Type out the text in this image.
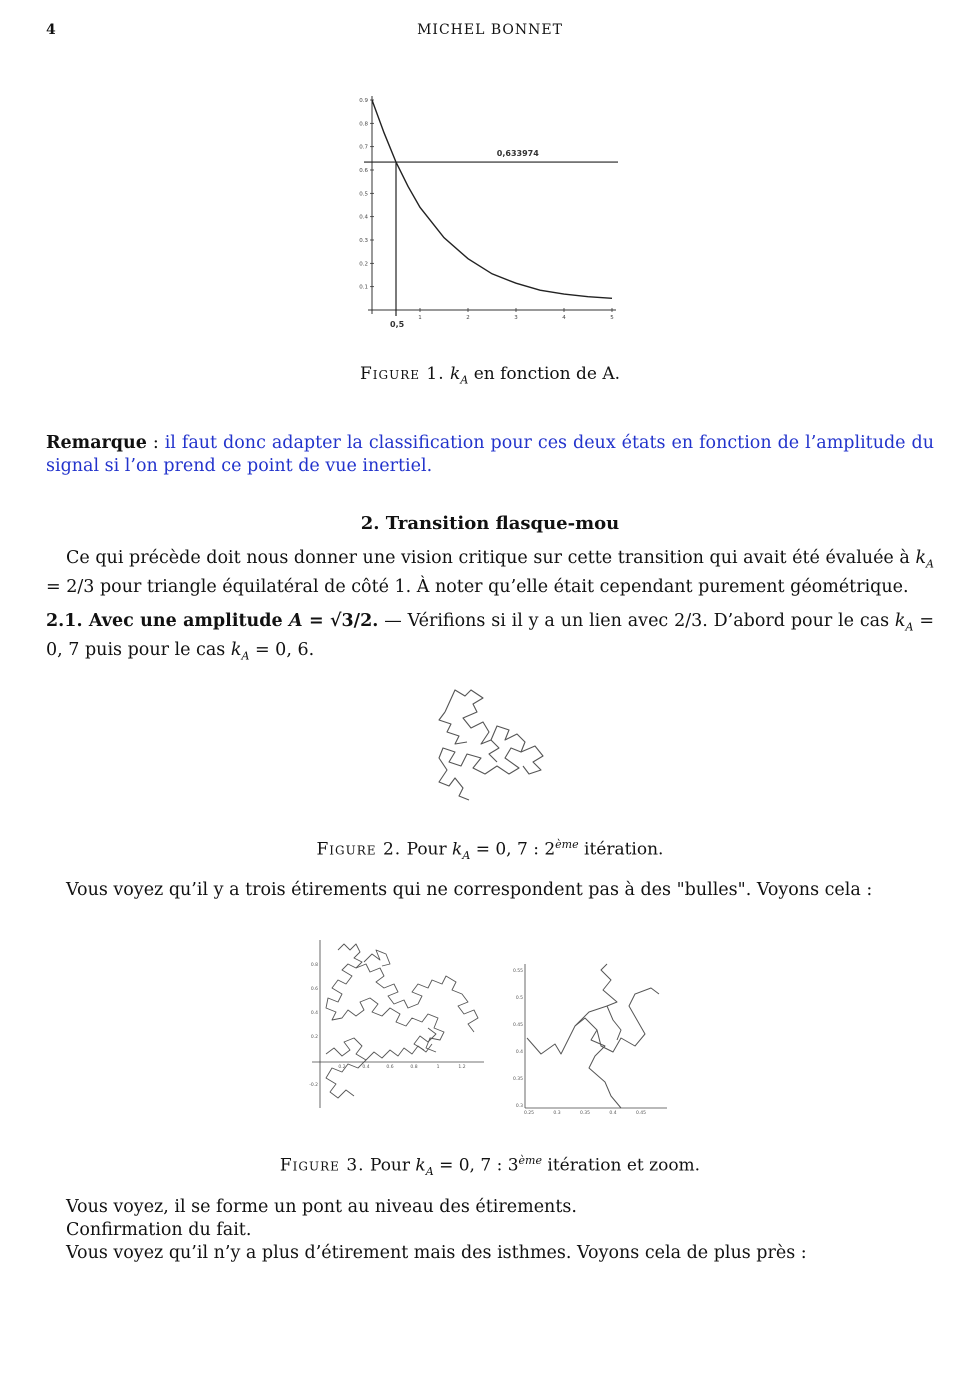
4	MICHEL BONNET
0.1
0.2
0.3
0.4
0.5
0.6
0.7
0.8
0.9
1	2	3	4	5
0,633974
0,5
Figure 1. $k_A$ en fonction de A.
Remarque : il faut donc adapter la classification pour ces deux états en fonction de l’amplitude du signal si l’on prend ce point de vue inertiel.
2. Transition flasque-mou
Ce qui précède doit nous donner une vision critique sur cette transition qui avait été évaluée à $k_A = 2/3$ pour triangle équilatéral de côté 1. À noter qu’elle était cependant purement géométrique.
2.1. Avec une amplitude A = √3/2. — Vérifions si il y a un lien avec 2/3. D’abord pour le cas $k_A = 0$, 7 puis pour le cas $k_A = 0$, 6.
Figure 2. Pour $k_A = 0$, 7 : 2ème itération.
Vous voyez qu’il y a trois étirements qui ne correspondent pas à des "bulles". Voyons cela :
0.2	0.4	0.6	0.8	1	1.2
0.8
0.6
0.4
0.2
-0.2
0.25	0.3	0.35	0.4	0.45
0.55
0.5
0.45
0.4
0.35
0.3
Figure 3. Pour $k_A = 0$, 7 : 3ème itération et zoom.
Vous voyez, il se forme un pont au niveau des étirements.
Confirmation du fait.
Vous voyez qu’il n’y a plus d’étirement mais des isthmes. Voyons cela de plus près :
